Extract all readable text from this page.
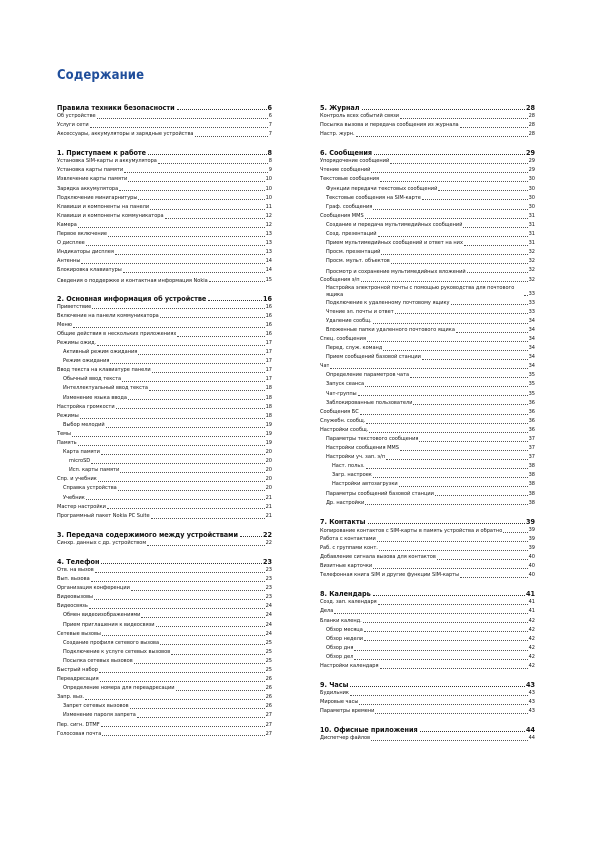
Содержание
Правила техники безопасности	6
Об устройстве	6
Услуги сети	7
Аксессуары, аккумуляторы и зарядные устройства	7
1. Приступаем к работе	8
Установка SIM-карты и аккумулятора	8
Установка карты памяти	9
Извлечение карты памяти	10
Зарядка аккумулятора	10
Подключение минигарнитуры	10
Клавиши и компоненты на панели	11
Клавиши и компоненты коммуникатора	12
Камера	12
Первое включение	13
О дисплее	13
Индикаторы дисплея	13
Антенны	14
Блокировка клавиатуры	14
Сведения о поддержке и контактная информация Nokia	15
2. Основная информация об устройстве	16
Приветствие	16
Включение на панели коммуникатора	16
Меню	16
Общие действия в нескольких приложениях	16
Режимы ожид.	17
Активный режим ожидания	17
Режим ожидания	17
Ввод текста на клавиатуре панели	17
Обычный ввод текста	17
Интеллектуальный ввод текста	18
Изменение языка ввода	18
Настройка громкости	18
Режимы	18
Выбор мелодий	19
Темы	19
Память	19
Карта памяти	20
microSD	20
Исп. карты памяти	20
Спр. и учебник	20
Справка устройства	20
Учебник	21
Мастер настройки	21
Программный пакет Nokia PC Suite	21
3. Передача содержимого между устройствами	22
Синхр. данных с др. устройством	22
4. Телефон	23
Отв. на вызов	23
Вып. вызова	23
Организация конференции	23
Видеовызовы	23
Видеосвязь	24
Обмен видеоизображениями	24
Прием приглашения к видеосвязи	24
Сетевые вызовы	24
Создание профиля сетевого вызова	25
Подключение к услуге сетевых вызовов	25
Посылка сетевых вызовов	25
Быстрый набор	25
Переадресация	26
Определение номера для переадресации	26
Запр. выз.	26
Запрет сетевых вызовов	26
Изменение пароля запрета	27
Пер. сигн. DTMF	27
Голосовая почта	27
5. Журнал	28
Контроль всех событий связи	28
Посылка вызова и передача сообщения из журнала	28
Настр. журн.	28
6. Сообщения	29
Упорядочение сообщений	29
Чтение сообщений	29
Текстовые сообщения	30
Функции передачи текстовых сообщений	30
Текстовые сообщения на SIM-карте	30
Граф. сообщения	30
Сообщения MMS	31
Создание и передача мультимедийных сообщений	31
Созд. презентаций	31
Прием мультимедийных сообщений и ответ на них	31
Просм. презентаций	32
Просм. мульт. объектов	32
Просмотр и сохранение мультимедийных вложений	32
Сообщения э/п	32
Настройка электронной почты с помощью руководства для почтового ящика	33
Подключение к удаленному почтовому ящику	33
Чтение эл. почты и ответ	33
Удаление сообщ.	34
Вложенные папки удаленного почтового ящика	34
Спец. сообщения	34
Перед. служ. команд	34
Прием сообщений базовой станции	34
Чат	34
Определение параметров чата	35
Запуск сеанса	35
Чат-группы	35
Заблокированные пользователи	36
Сообщения БС	36
Служебн. сообщ.	36
Настройки сообщ.	36
Параметры текстового сообщения	37
Настройки сообщения MMS	37
Настройки уч. зап. э/п	37
Наст. польз.	38
Загр. настроек	38
Настройки автозагрузки	38
Параметры сообщений базовой станции	38
Др. настройки	38
7. Контакты	39
Копирование контактов с SIM-карты в память устройства и обратно	39
Работа с контактами	39
Раб. с группами конт.	39
Добавление сигнала вызова для контактов	40
Визитные карточки	40
Телефонная книга SIM и другие функции SIM-карты	40
8. Календарь	41
Созд. зап. календаря	41
Дела	41
Бланки календ.	42
Обзор месяца	42
Обзор недели	42
Обзор дня	42
Обзор дел	42
Настройки календаря	42
9. Часы	43
Будильник	43
Мировые часы	43
Параметры времени	43
10. Офисные приложения	44
Диспетчер файлов	44
